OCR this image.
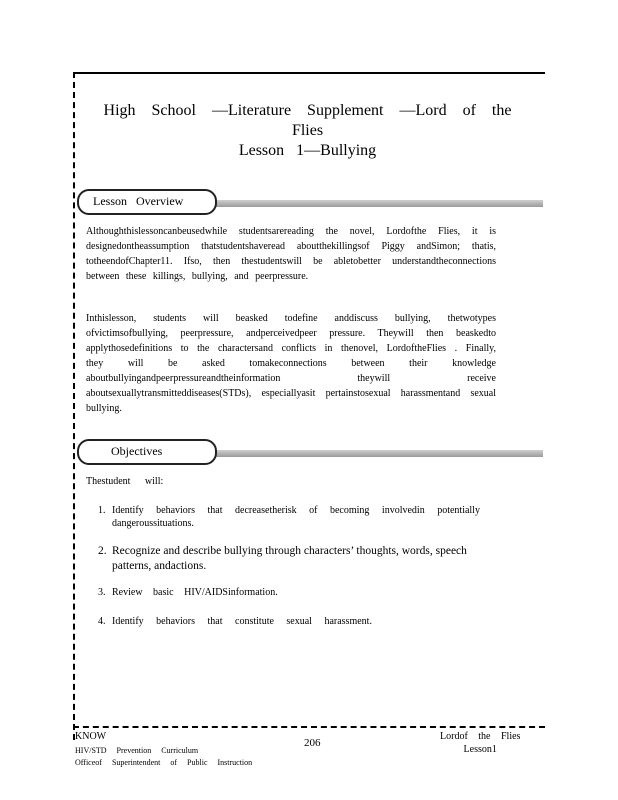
High School —Literature Supplement —Lord of the Flies
Lesson 1—Bullying
Lesson Overview
Althoughthislessoncanbeusedwhile studentsarereading the novel, Lordofthe Flies, it is designedontheassumption thatstudentshaveread aboutthekillingsof Piggy andSimon; thatis, totheendofChapter11. Ifso, then thestudentswill be abletobetter understandtheconnections between these killings, bullying, and peerpressure.
Inthislesson, students will beasked todefine anddiscuss bullying, thetwotypes ofvictimsofbullying, peerpressure, andperceivedpeer pressure. Theywill then beaskedto applythosedefinitions to the charactersand conflicts in thenovel, LordoftheFlies . Finally, they will be asked tomakeconnections between their knowledge aboutbullyingandpeerpressureandtheinformation theywill receive aboutsexuallytransmitteddiseases(STDs), especiallyasit pertainstosexual harassmentand sexual bullying.
Objectives
Thestudent will:
1. Identify behaviors that decreasetherisk of becoming involvedin potentially dangeroussituations.
2. Recognize and describe bullying through characters’ thoughts, words, speech patterns, andactions.
3. Review basic HIV/AIDSinformation.
4. Identify behaviors that constitute sexual harassment.
KNOW
HIV/STD Prevention Curriculum
Officeof Superintendent of Public Instruction
206
Lordof the Flies
Lesson1
